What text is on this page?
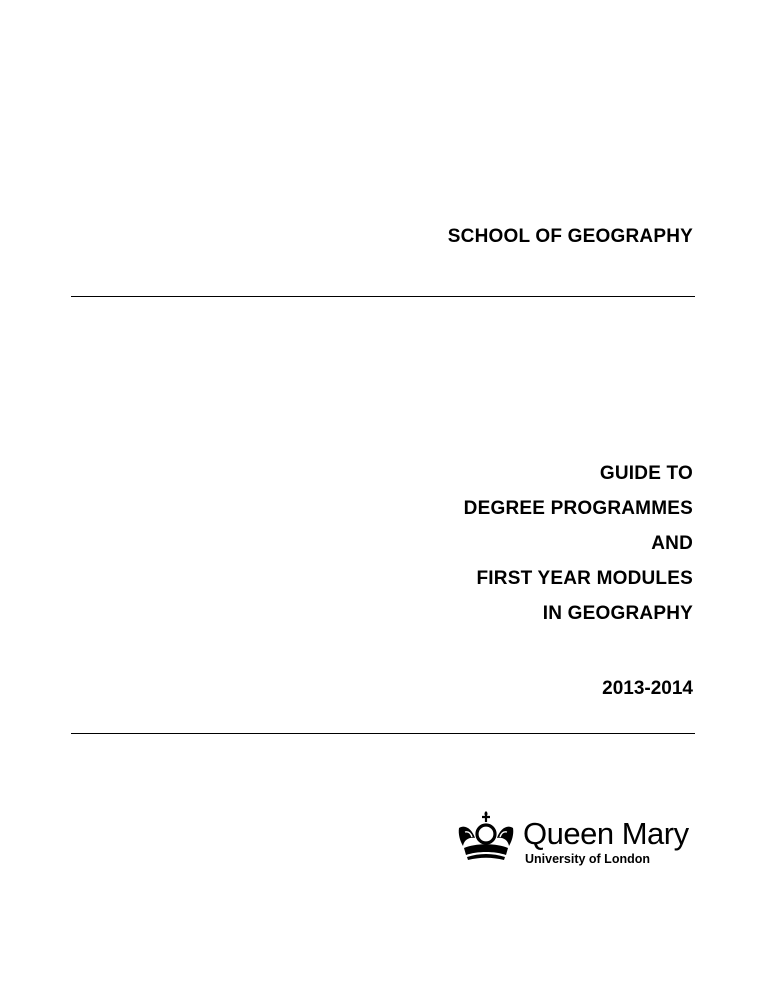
SCHOOL OF GEOGRAPHY
GUIDE TO
DEGREE PROGRAMMES
AND
FIRST YEAR MODULES
IN GEOGRAPHY
2013-2014
Queen Mary
University of London
